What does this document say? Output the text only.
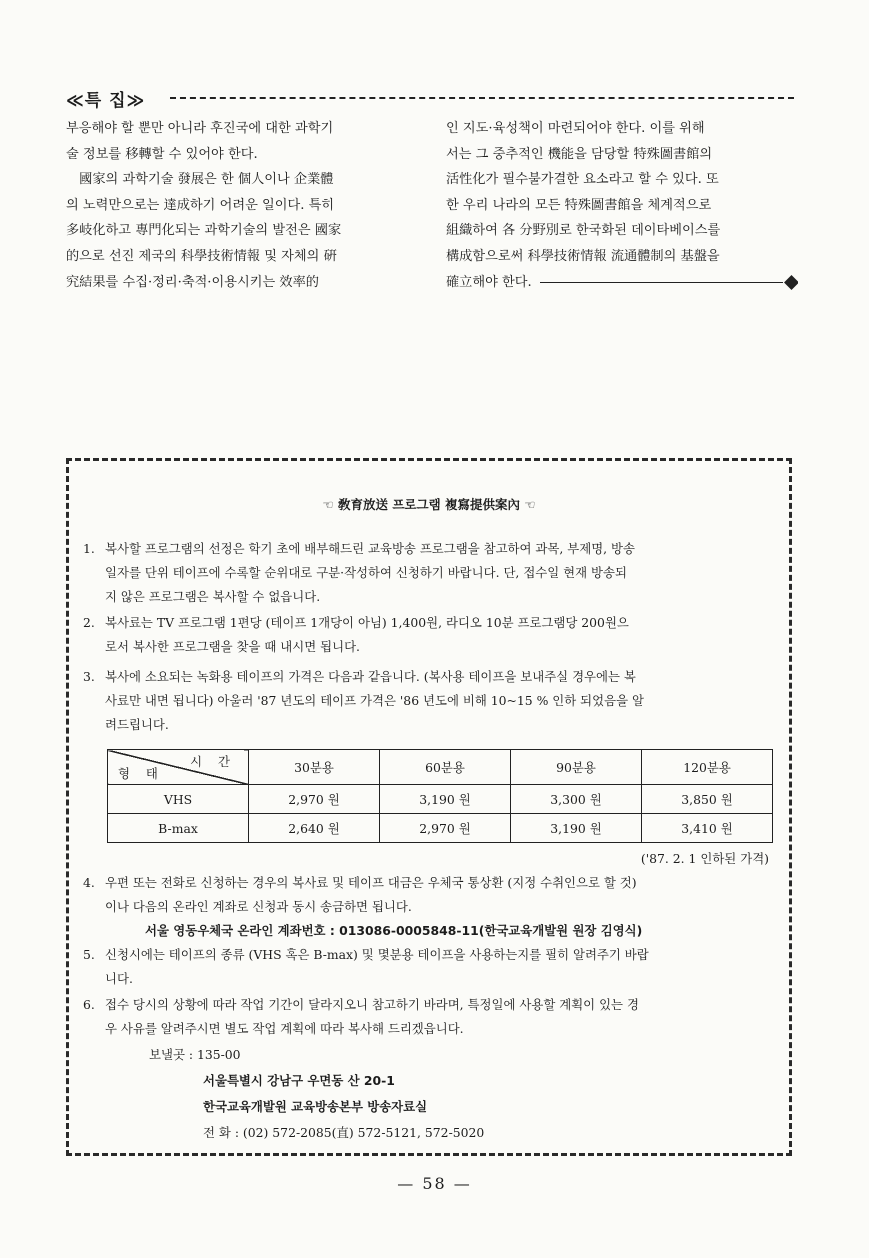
≪특 집≫
부응해야 할 뿐만 아니라 후진국에 대한 과학기
술 정보를 移轉할 수 있어야 한다.
　國家의 과학기술 發展은 한 個人이나 企業體
의 노력만으로는 達成하기 어려운 일이다. 특히
多岐化하고 專門化되는 과학기술의 발전은 國家
的으로 선진 제국의 科學技術情報 및 자체의 硏
究結果를 수집·정리·축적·이용시키는 效率的
인 지도·육성책이 마련되어야 한다. 이를 위해
서는 그 중추적인 機能을 담당할 特殊圖書館의
活性化가 필수불가결한 요소라고 할 수 있다. 또
한 우리 나라의 모든 特殊圖書館을 체계적으로
組織하여 各 分野別로 한국화된 데이타베이스를
構成함으로써 科學技術情報 流通體制의 基盤을
確立해야 한다.
☜ 敎育放送 프로그램 複寫提供案內 ☜
1. 복사할 프로그램의 선정은 학기 초에 배부해드린 교육방송 프로그램을 참고하여 과목, 부제명, 방송
일자를 단위 테이프에 수록할 순위대로 구분·작성하여 신청하기 바랍니다. 단, 접수일 현재 방송되
지 않은 프로그램은 복사할 수 없읍니다.
2. 복사료는 TV 프로그램 1편당 (테이프 1개당이 아님) 1,400원, 라디오 10분 프로그램당 200원으
로서 복사한 프로그램을 찾을 때 내시면 됩니다.
3. 복사에 소요되는 녹화용 테이프의 가격은 다음과 같읍니다. (복사용 테이프을 보내주실 경우에는 복
사료만 내면 됩니다) 아울러 '87 년도의 테이프 가격은 '86 년도에 비해 10~15 % 인하 되었음을 알
려드립니다.
시 간
형 태	30분용	60분용	90분용	120분용
VHS	2,970 원	3,190 원	3,300 원	3,850 원
B-max	2,640 원	2,970 원	3,190 원	3,410 원
('87. 2. 1 인하된 가격)
4. 우편 또는 전화로 신청하는 경우의 복사료 및 테이프 대금은 우체국 통상환 (지정 수취인으로 할 것)
이나 다음의 온라인 계좌로 신청과 동시 송금하면 됩니다.
서울 영동우체국 온라인 계좌번호 : 013086-0005848-11(한국교육개발원 원장 김영식)
5. 신청시에는 테이프의 종류 (VHS 혹은 B-max) 및 몇분용 테이프을 사용하는지를 필히 알려주기 바랍
니다.
6. 접수 당시의 상황에 따라 작업 기간이 달라지오니 참고하기 바라며, 특정일에 사용할 계획이 있는 경
우 사유를 알려주시면 별도 작업 계획에 따라 복사해 드리겠읍니다.
보낼곳 : 135-00
서울특별시 강남구 우면동 산 20-1
한국교육개발원 교육방송본부 방송자료실
전 화 : (02) 572-2085(直) 572-5121, 572-5020
— 58 —
